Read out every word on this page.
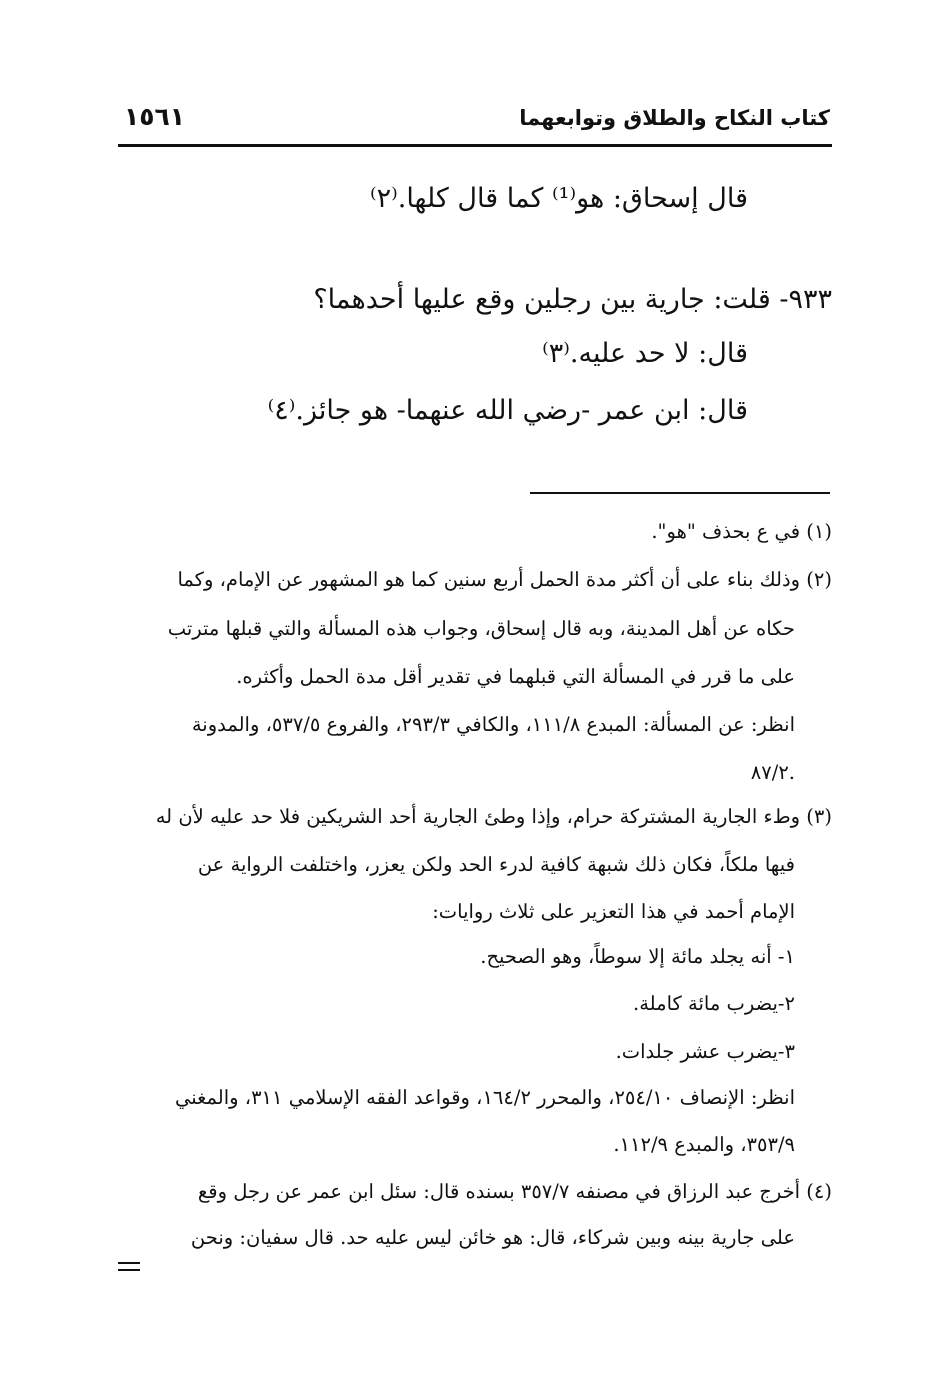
كتاب النكاح والطلاق وتوابعهما
١٥٦١
قال إسحاق: هو⁽¹⁾ كما قال كلها.⁽٢⁾
٩٣٣- قلت: جارية بين رجلين وقع عليها أحدهما؟
قال: لا حد عليه.⁽٣⁾
قال: ابن عمر -رضي الله عنهما- هو جائز.⁽٤⁾
(١) في ع بحذف "هو".
(٢) وذلك بناء على أن أكثر مدة الحمل أربع سنين كما هو المشهور عن الإمام، وكما
حكاه عن أهل المدينة، وبه قال إسحاق، وجواب هذه المسألة والتي قبلها مترتب
على ما قرر في المسألة التي قبلهما في تقدير أقل مدة الحمل وأكثره.
انظر: عن المسألة: المبدع ١١١/٨، والكافي ٢٩٣/٣، والفروع ٥٣٧/٥، والمدونة
٨٧/٢.
(٣) وطء الجارية المشتركة حرام، وإذا وطئ الجارية أحد الشريكين فلا حد عليه لأن له
فيها ملكاً، فكان ذلك شبهة كافية لدرء الحد ولكن يعزر، واختلفت الرواية عن
الإمام أحمد في هذا التعزير على ثلاث روايات:
١- أنه يجلد مائة إلا سوطاً، وهو الصحيح.
٢-يضرب مائة كاملة.
٣-يضرب عشر جلدات.
انظر: الإنصاف ٢٥٤/١٠، والمحرر ١٦٤/٢، وقواعد الفقه الإسلامي ٣١١، والمغني
٣٥٣/٩، والمبدع ١١٢/٩.
(٤) أخرج عبد الرزاق في مصنفه ٣٥٧/٧ بسنده قال: سئل ابن عمر عن رجل وقع
على جارية بينه وبين شركاء، قال: هو خائن ليس عليه حد. قال سفيان: ونحن
